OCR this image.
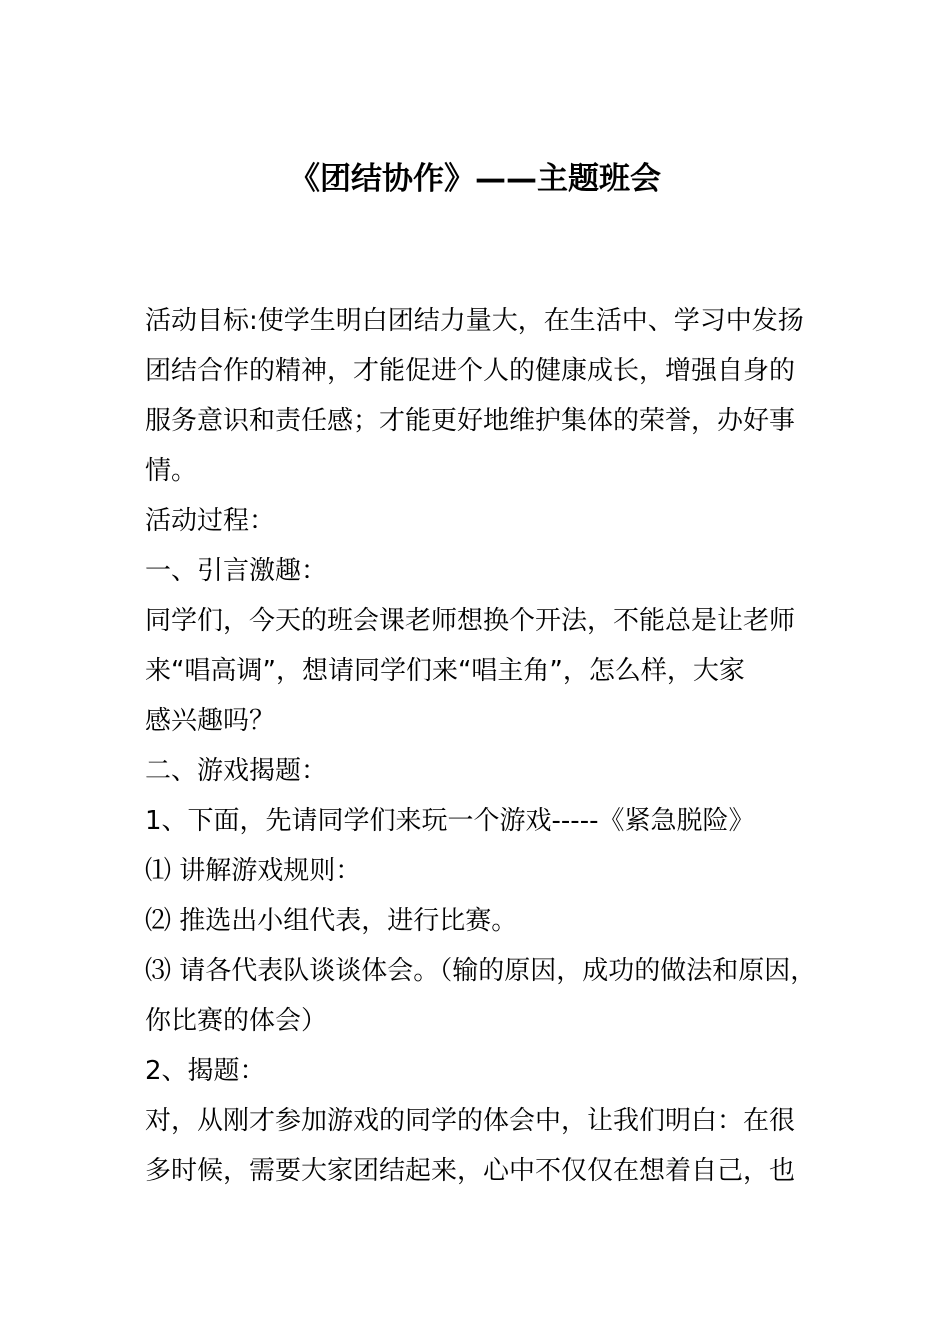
《团结协作》——主题班会
活动目标:使学生明白团结力量大，在生活中、学习中发扬
团结合作的精神，才能促进个人的健康成长，增强自身的
服务意识和责任感；才能更好地维护集体的荣誉，办好事
情。
活动过程：
一、引言激趣：
同学们，今天的班会课老师想换个开法，不能总是让老师
来“唱高调”，想请同学们来“唱主角”，怎么样，大家
感兴趣吗？
二、游戏揭题：
1、下面，先请同学们来玩一个游戏-----《紧急脱险》
⑴ 讲解游戏规则：
⑵ 推选出小组代表，进行比赛。
⑶ 请各代表队谈谈体会。（输的原因，成功的做法和原因，
你比赛的体会）
2、揭题：
对，从刚才参加游戏的同学的体会中，让我们明白：在很
多时候，需要大家团结起来，心中不仅仅在想着自己，也
